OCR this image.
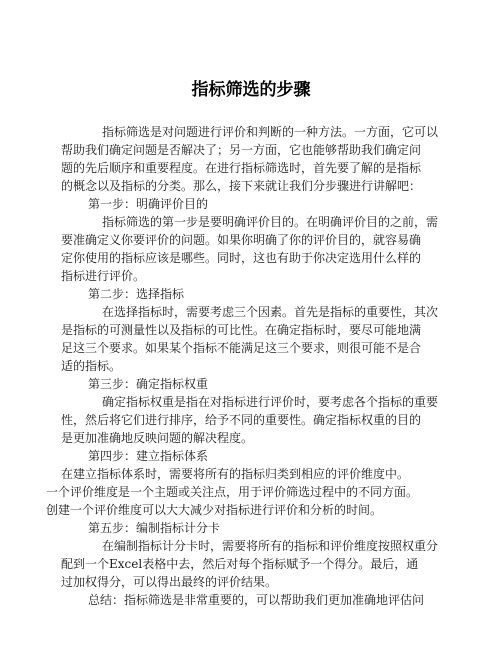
指标筛选的步骤

指标筛选是对问题进行评价和判断的一种方法。一方面，它可以

帮助我们确定问题是否解决了；另一方面，它也能够帮助我们确定问

题的先后顺序和重要程度。在进行指标筛选时，首先要了解的是指标

的概念以及指标的分类。那么，接下来就让我们分步骤进行讲解吧：

第一步：明确评价目的

指标筛选的第一步是要明确评价目的。在明确评价目的之前，需

要准确定义你要评价的问题。如果你明确了你的评价目的，就容易确

定你使用的指标应该是哪些。同时，这也有助于你决定选用什么样的

指标进行评价。

第二步：选择指标

在选择指标时，需要考虑三个因素。首先是指标的重要性，其次

是指标的可测量性以及指标的可比性。在确定指标时，要尽可能地满

足这三个要求。如果某个指标不能满足这三个要求，则很可能不是合

适的指标。

第三步：确定指标权重

确定指标权重是指在对指标进行评价时，要考虑各个指标的重要

性，然后将它们进行排序，给予不同的重要性。确定指标权重的目的

是更加准确地反映问题的解决程度。

第四步：建立指标体系

在建立指标体系时，需要将所有的指标归类到相应的评价维度中。

一个评价维度是一个主题或关注点，用于评价筛选过程中的不同方面。

创建一个评价维度可以大大减少对指标进行评价和分析的时间。

第五步：编制指标计分卡

在编制指标计分卡时，需要将所有的指标和评价维度按照权重分

配到一个Excel表格中去，然后对每个指标赋予一个得分。最后，通

过加权得分，可以得出最终的评价结果。

总结：指标筛选是非常重要的，可以帮助我们更加准确地评估问
